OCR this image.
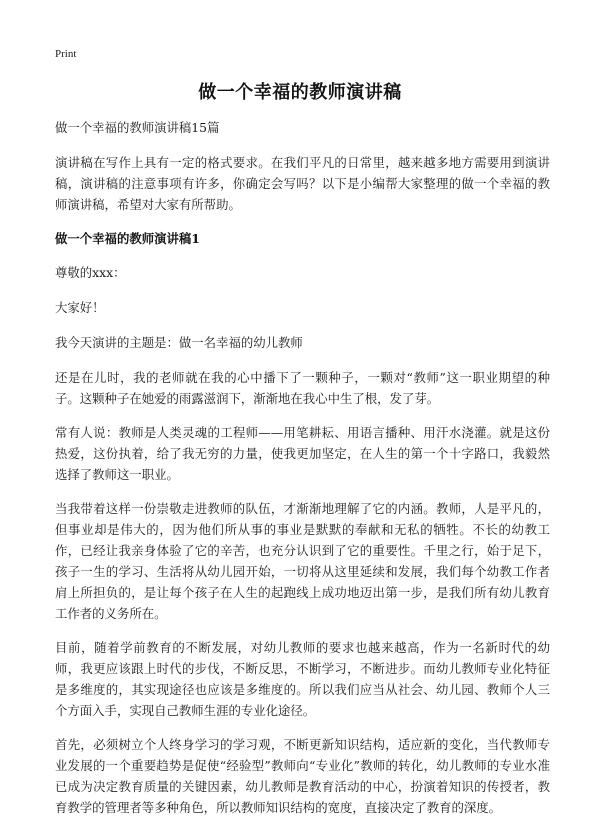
Print
做一个幸福的教师演讲稿

做一个幸福的教师演讲稿15篇

演讲稿在写作上具有一定的格式要求。在我们平凡的日常里，越来越多地方需要用到演讲稿，演讲稿的注意事项有许多，你确定会写吗？以下是小编帮大家整理的做一个幸福的教师演讲稿，希望对大家有所帮助。

做一个幸福的教师演讲稿1

尊敬的xxx：

大家好！

我今天演讲的主题是：做一名幸福的幼儿教师

还是在儿时，我的老师就在我的心中播下了一颗种子，一颗对“教师”这一职业期望的种子。这颗种子在她爱的雨露滋润下，渐渐地在我心中生了根，发了芽。

常有人说：教师是人类灵魂的工程师——用笔耕耘、用语言播种、用汗水浇灌。就是这份热爱，这份执着，给了我无穷的力量，使我更加坚定，在人生的第一个十字路口，我毅然选择了教师这一职业。

当我带着这样一份崇敬走进教师的队伍，才渐渐地理解了它的内涵。教师，人是平凡的，但事业却是伟大的，因为他们所从事的事业是默默的奉献和无私的牺牲。不长的幼教工作，已经让我亲身体验了它的辛苦，也充分认识到了它的重要性。千里之行，始于足下，孩子一生的学习、生活将从幼儿园开始，一切将从这里延续和发展，我们每个幼教工作者肩上所担负的，是让每个孩子在人生的起跑线上成功地迈出第一步，是我们所有幼儿教育工作者的义务所在。

目前，随着学前教育的不断发展，对幼儿教师的要求也越来越高，作为一名新时代的幼师，我更应该跟上时代的步伐，不断反思，不断学习，不断进步。而幼儿教师专业化特征是多维度的，其实现途径也应该是多维度的。所以我们应当从社会、幼儿园、教师个人三个方面入手，实现自己教师生涯的专业化途径。

首先，必须树立个人终身学习的学习观，不断更新知识结构，适应新的变化，当代教师专业发展的一个重要趋势是促使“经验型”教师向“专业化”教师的转化，幼儿教师的专业水准已成为决定教育质量的关键因素，幼儿教师是教育活动的中心，扮演着知识的传授者，教育教学的管理者等多种角色，所以教师知识结构的宽度，直接决定了教育的深度。
